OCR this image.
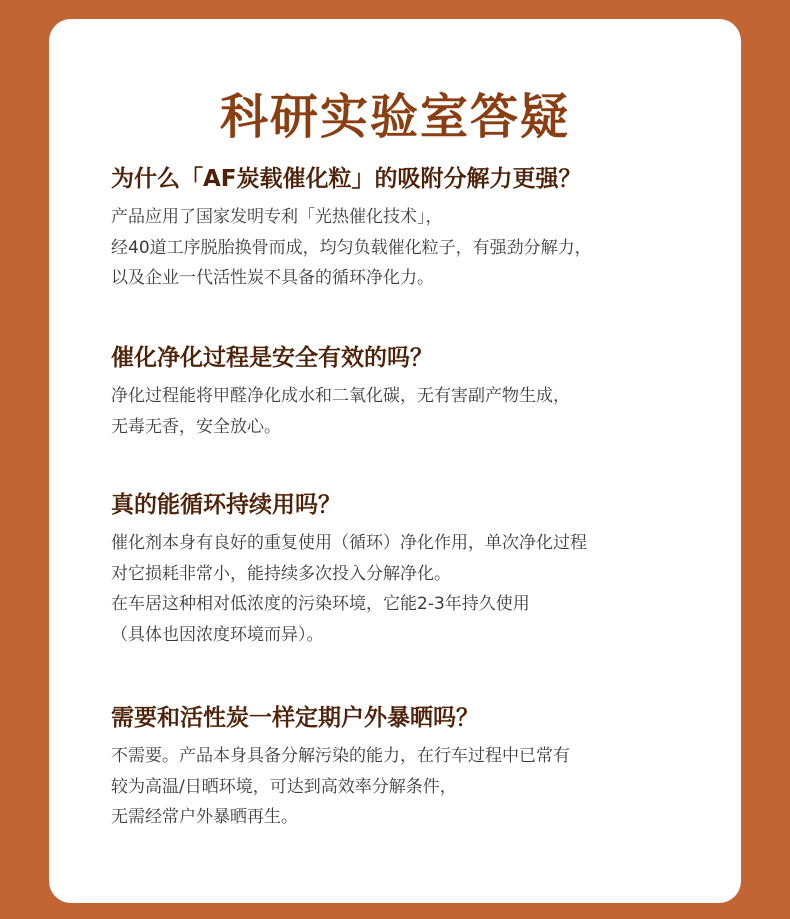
科研实验室答疑
为什么「AF炭载催化粒」的吸附分解力更强？
产品应用了国家发明专利「光热催化技术」，
经40道工序脱胎换骨而成，均匀负载催化粒子，有强劲分解力，
以及企业一代活性炭不具备的循环净化力。
催化净化过程是安全有效的吗？
净化过程能将甲醛净化成水和二氧化碳，无有害副产物生成，
无毒无香，安全放心。
真的能循环持续用吗？
催化剂本身有良好的重复使用（循环）净化作用，单次净化过程
对它损耗非常小，能持续多次投入分解净化。
在车居这种相对低浓度的污染环境，它能2-3年持久使用
（具体也因浓度环境而异）。
需要和活性炭一样定期户外暴晒吗？
不需要。产品本身具备分解污染的能力，在行车过程中已常有
较为高温/日晒环境，可达到高效率分解条件，
无需经常户外暴晒再生。
